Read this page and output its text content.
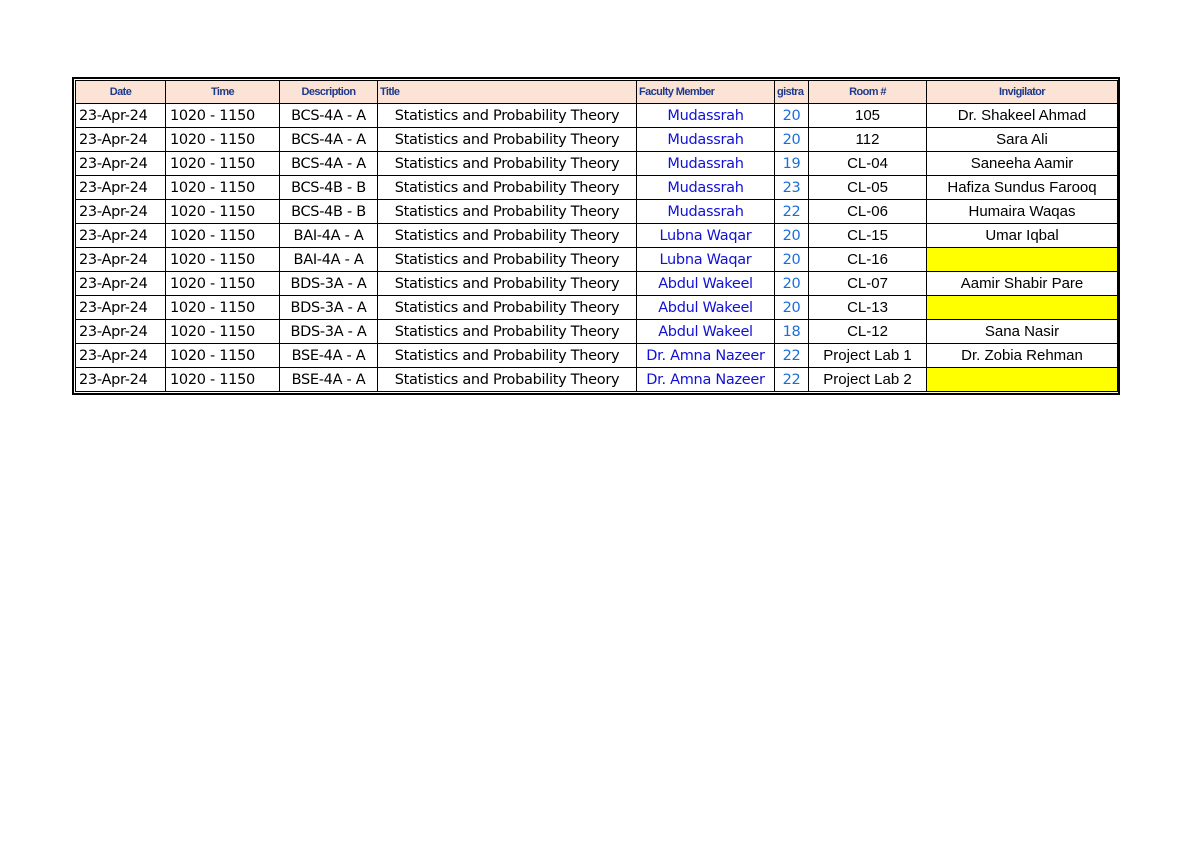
Date	Time	Description	Title	Faculty Member	gistra	Room #	Invigilator
23-Apr-24	1020 - 1150	BCS-4A - A	Statistics and Probability Theory	Mudassrah	20	105	Dr. Shakeel Ahmad
23-Apr-24	1020 - 1150	BCS-4A - A	Statistics and Probability Theory	Mudassrah	20	112	Sara Ali
23-Apr-24	1020 - 1150	BCS-4A - A	Statistics and Probability Theory	Mudassrah	19	CL-04	Saneeha Aamir
23-Apr-24	1020 - 1150	BCS-4B - B	Statistics and Probability Theory	Mudassrah	23	CL-05	Hafiza Sundus Farooq
23-Apr-24	1020 - 1150	BCS-4B - B	Statistics and Probability Theory	Mudassrah	22	CL-06	Humaira Waqas
23-Apr-24	1020 - 1150	BAI-4A - A	Statistics and Probability Theory	Lubna Waqar	20	CL-15	Umar Iqbal
23-Apr-24	1020 - 1150	BAI-4A - A	Statistics and Probability Theory	Lubna Waqar	20	CL-16	
23-Apr-24	1020 - 1150	BDS-3A - A	Statistics and Probability Theory	Abdul Wakeel	20	CL-07	Aamir Shabir Pare
23-Apr-24	1020 - 1150	BDS-3A - A	Statistics and Probability Theory	Abdul Wakeel	20	CL-13	
23-Apr-24	1020 - 1150	BDS-3A - A	Statistics and Probability Theory	Abdul Wakeel	18	CL-12	Sana Nasir
23-Apr-24	1020 - 1150	BSE-4A - A	Statistics and Probability Theory	Dr. Amna Nazeer	22	Project Lab 1	Dr. Zobia Rehman
23-Apr-24	1020 - 1150	BSE-4A - A	Statistics and Probability Theory	Dr. Amna Nazeer	22	Project Lab 2	
